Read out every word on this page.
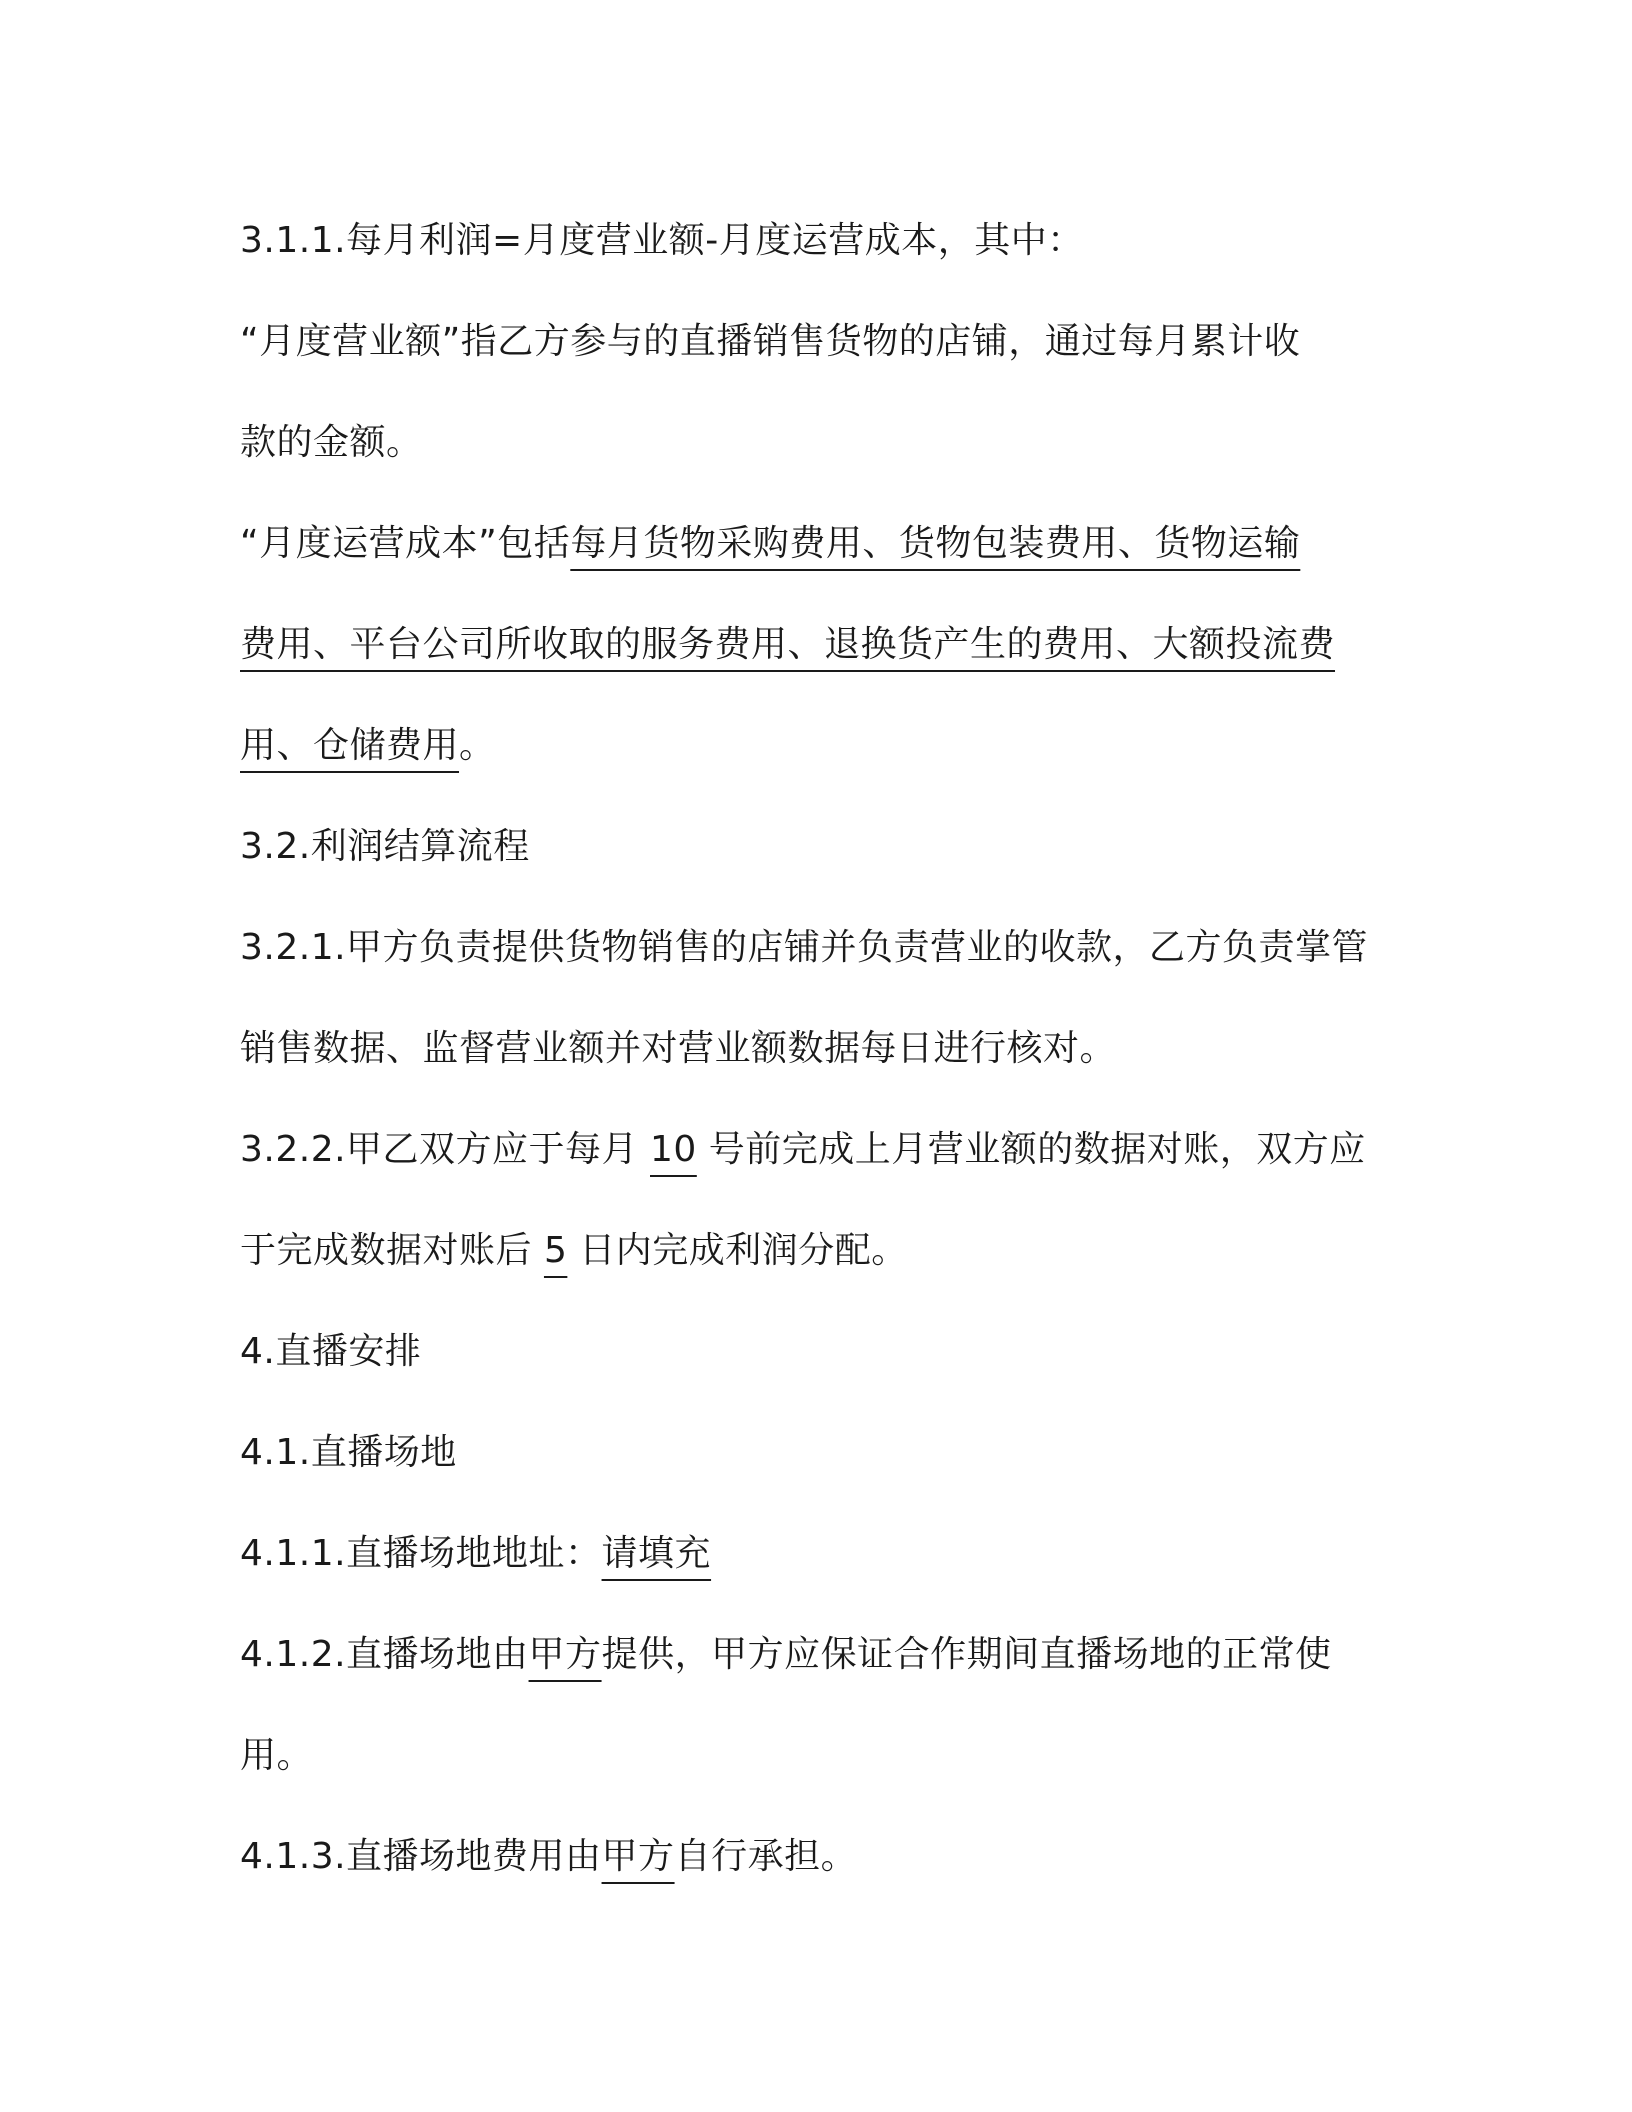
3.1.1.每月利润=月度营业额-月度运营成本，其中：

“月度营业额”指乙方参与的直播销售货物的店铺，通过每月累计收

款的金额。

“月度运营成本”包括每月货物采购费用、货物包装费用、货物运输

费用、平台公司所收取的服务费用、退换货产生的费用、大额投流费

用、仓储费用。

3.2.利润结算流程

3.2.1.甲方负责提供货物销售的店铺并负责营业的收款，乙方负责掌管

销售数据、监督营业额并对营业额数据每日进行核对。

3.2.2.甲乙双方应于每月 10 号前完成上月营业额的数据对账，双方应

于完成数据对账后 5 日内完成利润分配。

4.直播安排

4.1.直播场地

4.1.1.直播场地地址：请填充

4.1.2.直播场地由甲方提供，甲方应保证合作期间直播场地的正常使

用。

4.1.3.直播场地费用由甲方自行承担。
